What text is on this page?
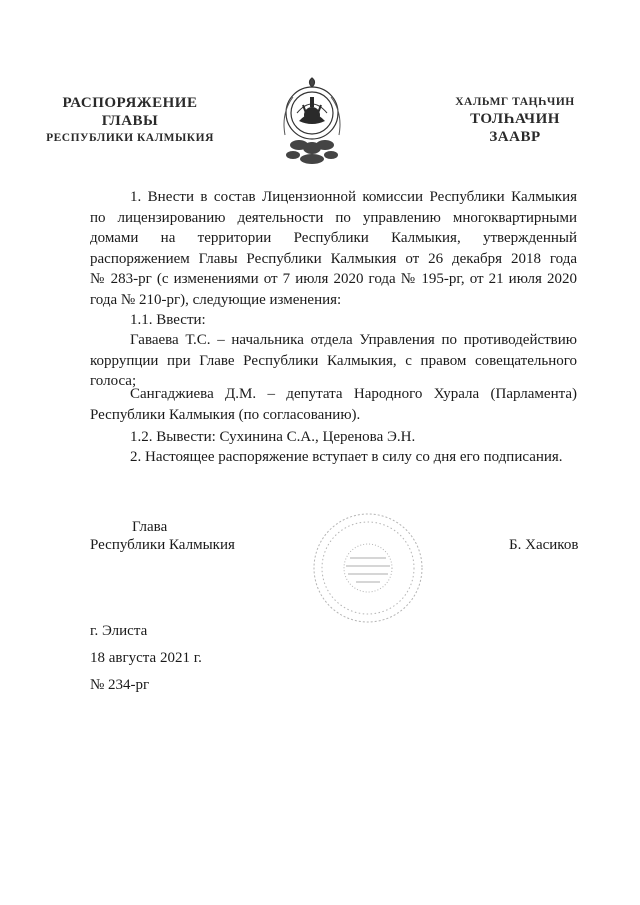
РАСПОРЯЖЕНИЕ
ГЛАВЫ
РЕСПУБЛИКИ КАЛМЫКИЯ
ХАЛЬМГ ТАҢҺЧИН
ТОЛҺАЧИН
ЗААВР
1. Внести в состав Лицензионной комиссии Республики Калмыкия
по лицензированию деятельности по управлению многоквартирными
домами на территории Республики Калмыкия, утвержденный
распоряжением Главы Республики Калмыкия от 26 декабря 2018 года
№ 283-рг (с изменениями от 7 июля 2020 года № 195-рг, от 21 июля 2020
года № 210-рг), следующие изменения:
1.1. Ввести:
Гаваева Т.С. – начальника отдела Управления по противодействию
коррупции при Главе Республики Калмыкия, с правом совещательного
голоса;
Сангаджиева Д.М. – депутата Народного Хурала (Парламента)
Республики Калмыкия (по согласованию).
1.2. Вывести: Сухинина С.А., Церенова Э.Н.
2. Настоящее распоряжение вступает в силу со дня его подписания.
Глава
Республики Калмыкия	Б. Хасиков
г. Элиста
18 августа 2021 г.
№ 234-рг
